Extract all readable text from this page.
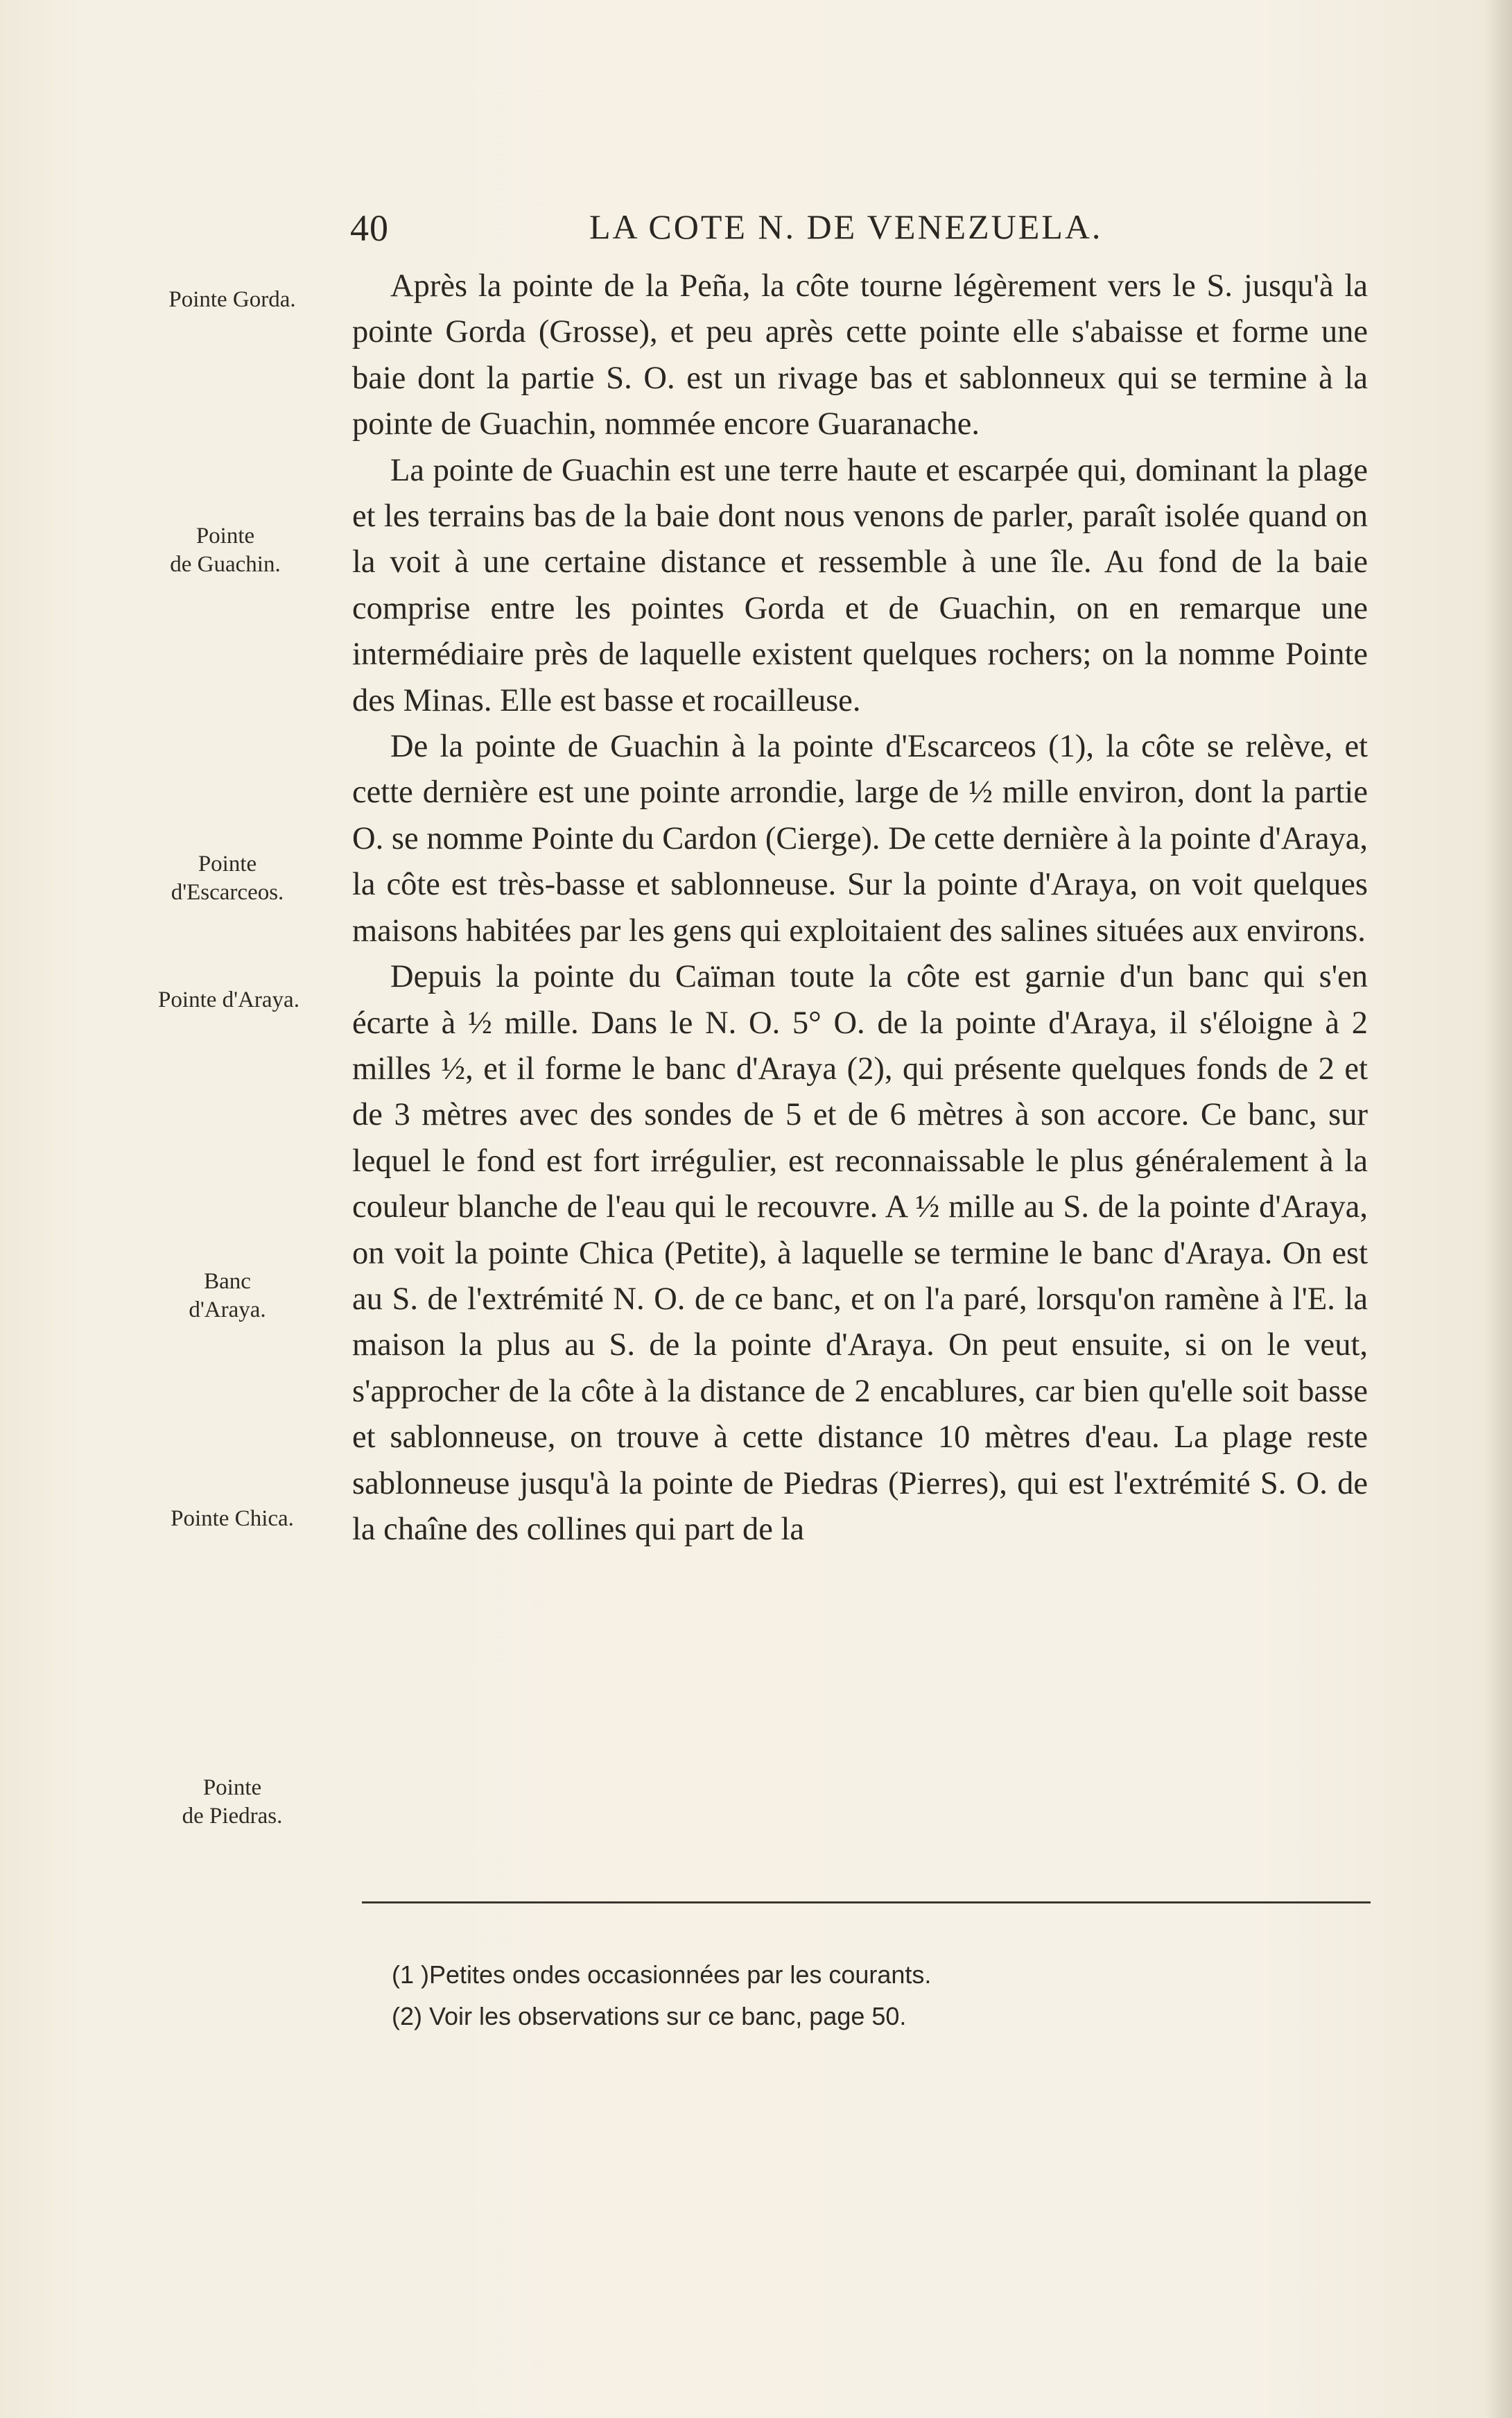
40	LA COTE N. DE VENEZUELA.
Pointe Gorda.
Pointe
de Guachin.
Pointe
d'Escarceos.
Pointe d'Araya.
Banc
d'Araya.
Pointe Chica.
Pointe
de Piedras.

Après la pointe de la Peña, la côte tourne légèrement vers le S. jusqu'à la pointe Gorda (Grosse), et peu après cette pointe elle s'abaisse et forme une baie dont la partie S. O. est un rivage bas et sablonneux qui se termine à la pointe de Guachin, nommée encore Guaranache.

La pointe de Guachin est une terre haute et escarpée qui, dominant la plage et les terrains bas de la baie dont nous venons de parler, paraît isolée quand on la voit à une certaine distance et ressemble à une île. Au fond de la baie comprise entre les pointes Gorda et de Guachin, on en remarque une intermédiaire près de laquelle existent quelques rochers; on la nomme Pointe des Minas. Elle est basse et rocailleuse.

De la pointe de Guachin à la pointe d'Escarceos (1), la côte se relève, et cette dernière est une pointe arrondie, large de ½ mille environ, dont la partie O. se nomme Pointe du Cardon (Cierge). De cette dernière à la pointe d'Araya, la côte est très-basse et sablonneuse. Sur la pointe d'Araya, on voit quelques maisons habitées par les gens qui exploitaient des salines situées aux environs.

Depuis la pointe du Caïman toute la côte est garnie d'un banc qui s'en écarte à ½ mille. Dans le N. O. 5° O. de la pointe d'Araya, il s'éloigne à 2 milles ½, et il forme le banc d'Araya (2), qui présente quelques fonds de 2 et de 3 mètres avec des sondes de 5 et de 6 mètres à son accore. Ce banc, sur lequel le fond est fort irrégulier, est reconnaissable le plus généralement à la couleur blanche de l'eau qui le recouvre. A ½ mille au S. de la pointe d'Araya, on voit la pointe Chica (Petite), à laquelle se termine le banc d'Araya. On est au S. de l'extrémité N. O. de ce banc, et on l'a paré, lorsqu'on ramène à l'E. la maison la plus au S. de la pointe d'Araya. On peut ensuite, si on le veut, s'approcher de la côte à la distance de 2 encablures, car bien qu'elle soit basse et sablonneuse, on trouve à cette distance 10 mètres d'eau. La plage reste sablonneuse jusqu'à la pointe de Piedras (Pierres), qui est l'extrémité S. O. de la chaîne des collines qui part de la

(1 )Petites ondes occasionnées par les courants.
(2) Voir les observations sur ce banc, page 50.
